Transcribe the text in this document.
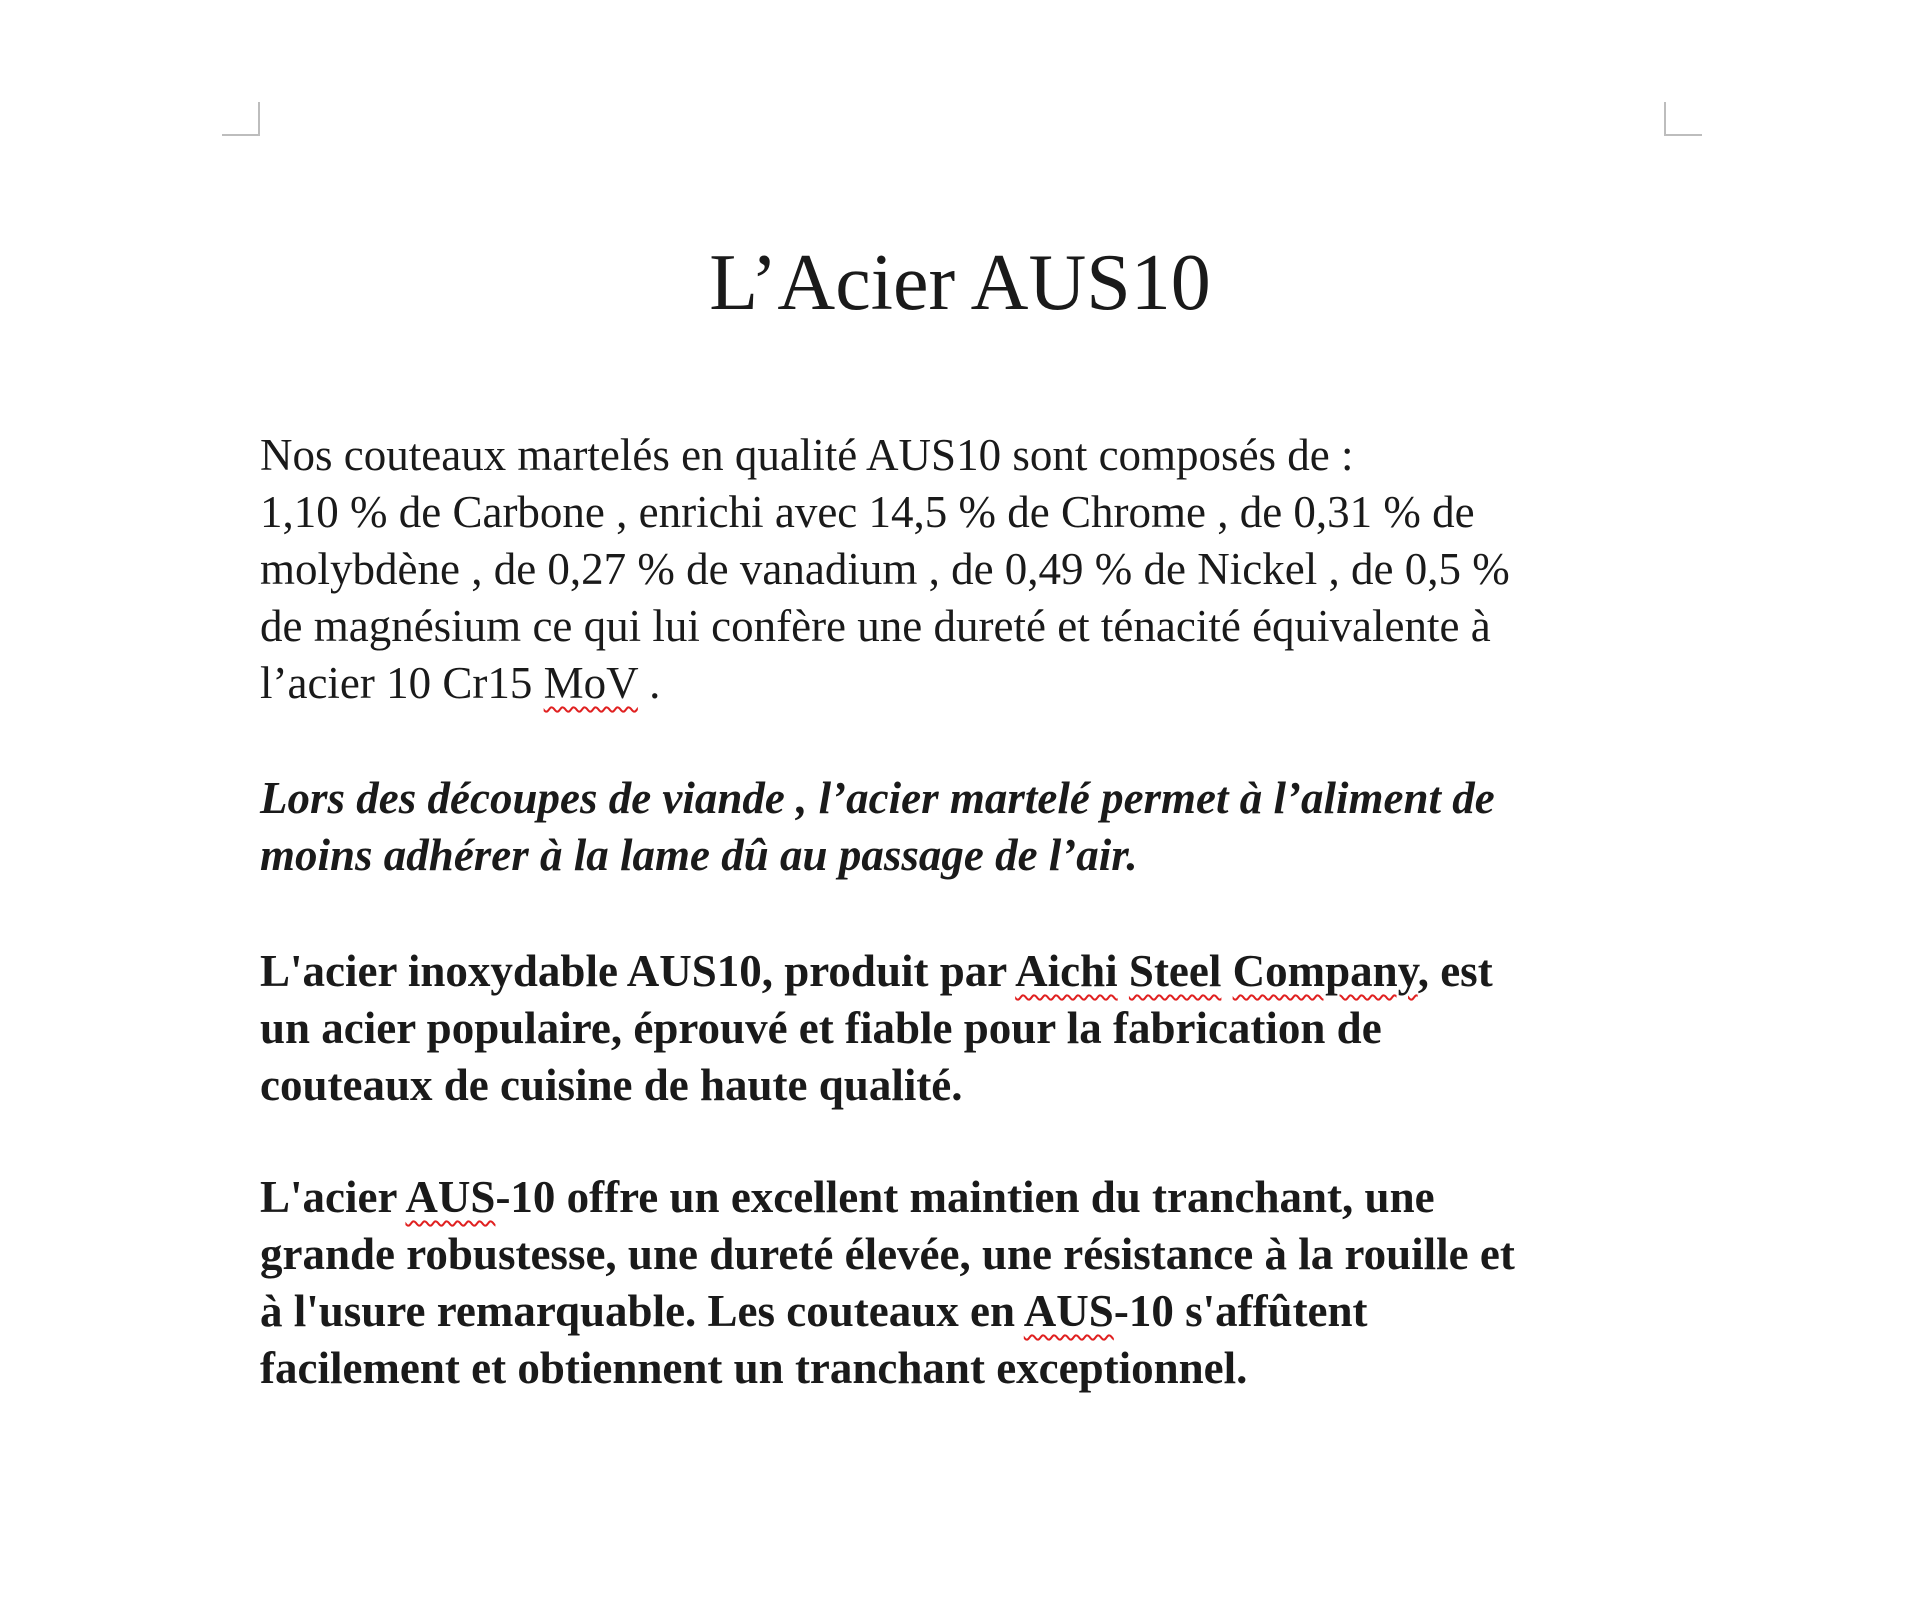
L’Acier AUS10

Nos couteaux martelés en qualité AUS10 sont composés de :
1,10 % de Carbone , enrichi avec 14,5 % de Chrome , de 0,31 % de
molybdène , de 0,27 % de vanadium , de 0,49 % de Nickel , de 0,5 %
de magnésium ce qui lui confère une dureté et ténacité équivalente à
l’acier 10 Cr15 MoV .

Lors des découpes de viande , l’acier martelé permet à l’aliment de
moins adhérer à la lame dû au passage de l’air.

L'acier inoxydable AUS10, produit par Aichi Steel Company, est
un acier populaire, éprouvé et fiable pour la fabrication de
couteaux de cuisine de haute qualité.

L'acier AUS-10 offre un excellent maintien du tranchant, une
grande robustesse, une dureté élevée, une résistance à la rouille et
à l'usure remarquable. Les couteaux en AUS-10 s'affûtent
facilement et obtiennent un tranchant exceptionnel.
